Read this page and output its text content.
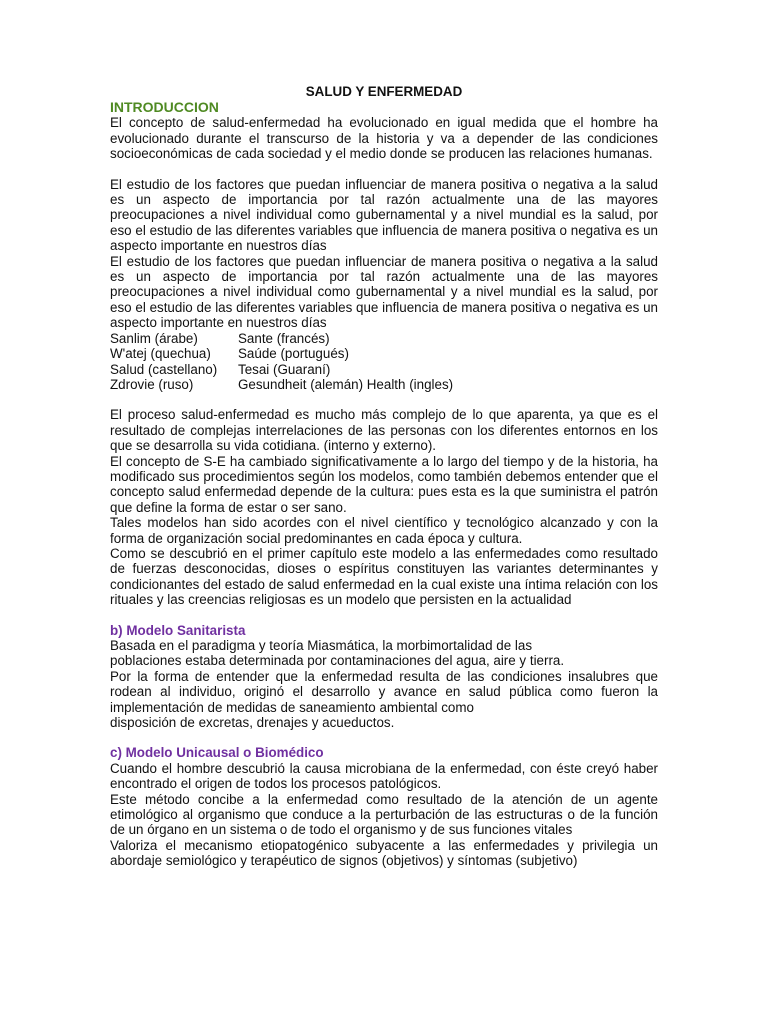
SALUD Y ENFERMEDAD

INTRODUCCION

El concepto de salud-enfermedad ha evolucionado en igual medida que el hombre ha evolucionado durante el transcurso de la historia y va a depender de las condiciones socioeconómicas de cada sociedad y el medio donde se producen las relaciones humanas.

El estudio de los factores que puedan influenciar de manera positiva o negativa a la salud es un aspecto de importancia por tal razón actualmente una de las mayores preocupaciones a nivel individual como gubernamental y a nivel mundial es la salud, por eso el estudio de las diferentes variables que influencia de manera positiva o negativa es un aspecto importante en nuestros días

El estudio de los factores que puedan influenciar de manera positiva o negativa a la salud es un aspecto de importancia por tal razón actualmente una de las mayores preocupaciones a nivel individual como gubernamental y a nivel mundial es la salud, por eso el estudio de las diferentes variables que influencia de manera positiva o negativa es un aspecto importante en nuestros días

Sanlim (árabe)	Sante (francés)
W'atej (quechua)	Saúde (portugués)
Salud (castellano)	Tesai (Guaraní)
Zdrovie (ruso)	Gesundheit (alemán) Health (ingles)

El proceso salud-enfermedad es mucho más complejo de lo que aparenta, ya que es el resultado de complejas interrelaciones de las personas con los diferentes entornos en los que se desarrolla su vida cotidiana. (interno y externo).

El concepto de S-E ha cambiado significativamente a lo largo del tiempo y de la historia, ha modificado sus procedimientos según los modelos, como también debemos entender que el concepto salud enfermedad depende de la cultura: pues esta es la que suministra el patrón que define la forma de estar o ser sano.

Tales modelos han sido acordes con el nivel científico y tecnológico alcanzado y con la forma de organización social predominantes en cada época y cultura.

Como se descubrió en el primer capítulo este modelo a las enfermedades como resultado de fuerzas desconocidas, dioses o espíritus constituyen las variantes determinantes y condicionantes del estado de salud enfermedad en la cual existe una íntima relación con los rituales y las creencias religiosas es un modelo que persisten en la actualidad

b) Modelo Sanitarista

Basada en el paradigma y teoría Miasmática, la morbimortalidad de las

poblaciones estaba determinada por contaminaciones del agua, aire y tierra.

Por la forma de entender que la enfermedad resulta de las condiciones insalubres que rodean al individuo, originó el desarrollo y avance en salud pública como fueron la implementación de medidas de saneamiento ambiental como

disposición de excretas, drenajes y acueductos.

c) Modelo Unicausal o Biomédico

Cuando el hombre descubrió la causa microbiana de la enfermedad, con éste creyó haber encontrado el origen de todos los procesos patológicos.

Este método concibe a la enfermedad como resultado de la atención de un agente etimológico al organismo que conduce a la perturbación de las estructuras o de la función de un órgano en un sistema o de todo el organismo y de sus funciones vitales

Valoriza el mecanismo etiopatogénico subyacente a las enfermedades y privilegia un abordaje semiológico y terapéutico de signos (objetivos) y síntomas (subjetivo)
